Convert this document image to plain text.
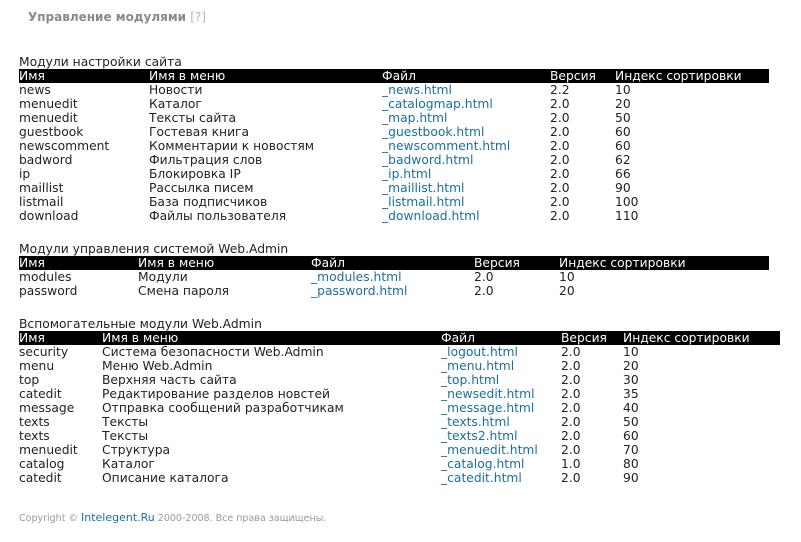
Управление модулями [?]
Модули настройки сайта
Имя	Имя в меню	Файл	Версия	Индекс сортировки
news	Новости	_news.html	2.2	10
menuedit	Каталог	_catalogmap.html	2.0	20
menuedit	Тексты сайта	_map.html	2.0	50
guestbook	Гостевая книга	_guestbook.html	2.0	60
newscomment	Комментарии к новостям	_newscomment.html	2.0	60
badword	Фильтрация слов	_badword.html	2.0	62
ip	Блокировка IP	_ip.html	2.0	66
maillist	Рассылка писем	_maillist.html	2.0	90
listmail	База подписчиков	_listmail.html	2.0	100
download	Файлы пользователя	_download.html	2.0	110
Модули управления системой Web.Admin
Имя	Имя в меню	Файл	Версия	Индекс сортировки
modules	Модули	_modules.html	2.0	10
password	Смена пароля	_password.html	2.0	20
Вспомогательные модули Web.Admin
Имя	Имя в меню	Файл	Версия	Индекс сортировки
security	Система безопасности Web.Admin	_logout.html	2.0	10
menu	Меню Web.Admin	_menu.html	2.0	20
top	Верхняя часть сайта	_top.html	2.0	30
catedit	Редактирование разделов новстей	_newsedit.html	2.0	35
message	Отправка сообщений разработчикам	_message.html	2.0	40
texts	Тексты	_texts.html	2.0	50
texts	Тексты	_texts2.html	2.0	60
menuedit	Структура	_menuedit.html	2.0	70
catalog	Каталог	_catalog.html	1.0	80
catedit	Описание каталога	_catedit.html	2.0	90
Copyright © Intelegent.Ru 2000-2008. Все права защищены.
